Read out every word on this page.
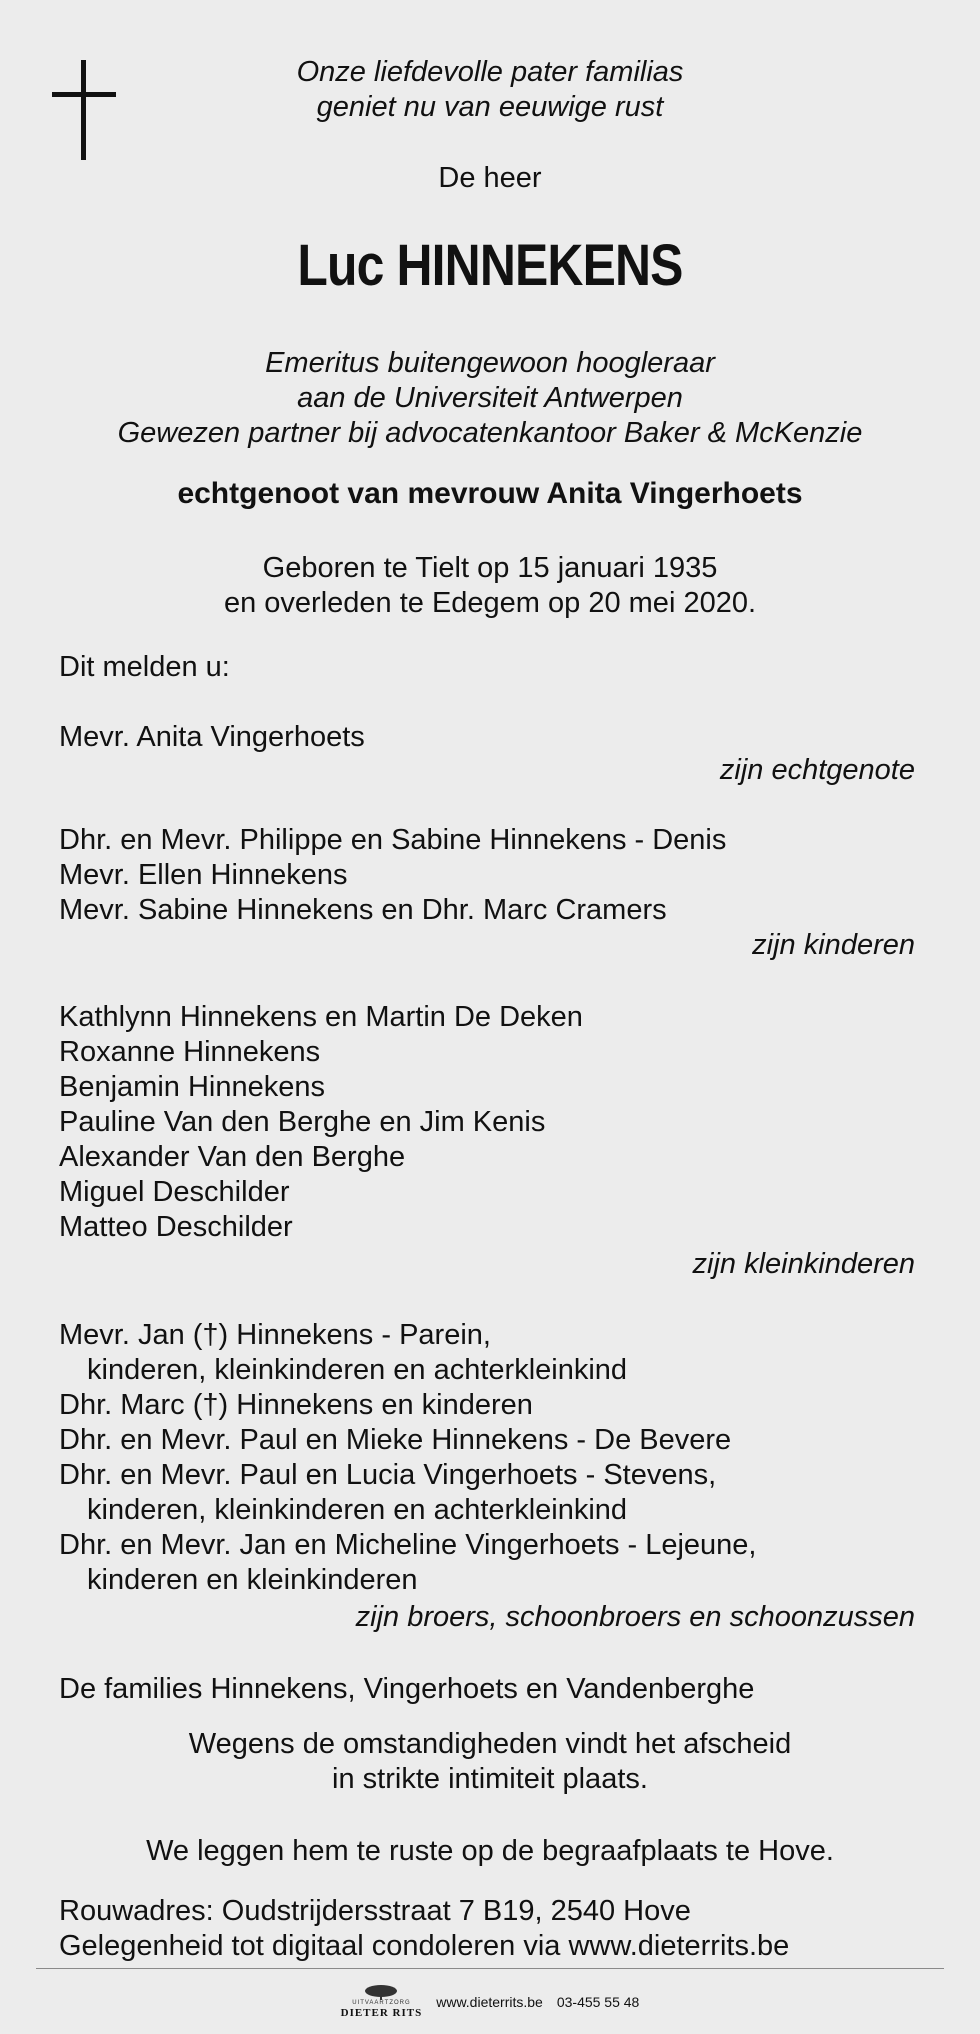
Onze liefdevolle pater familias
geniet nu van eeuwige rust
De heer
Luc HINNEKENS
Emeritus buitengewoon hoogleraar
aan de Universiteit Antwerpen
Gewezen partner bij advocatenkantoor Baker & McKenzie
echtgenoot van mevrouw Anita Vingerhoets
Geboren te Tielt op 15 januari 1935
en overleden te Edegem op 20 mei 2020.
Dit melden u:
Mevr. Anita Vingerhoets
zijn echtgenote
Dhr. en Mevr. Philippe en Sabine Hinnekens - Denis
Mevr. Ellen Hinnekens
Mevr. Sabine Hinnekens en Dhr. Marc Cramers
zijn kinderen
Kathlynn Hinnekens en Martin De Deken
Roxanne Hinnekens
Benjamin Hinnekens
Pauline Van den Berghe en Jim Kenis
Alexander Van den Berghe
Miguel Deschilder
Matteo Deschilder
zijn kleinkinderen
Mevr. Jan (†) Hinnekens - Parein,
kinderen, kleinkinderen en achterkleinkind
Dhr. Marc (†) Hinnekens en kinderen
Dhr. en Mevr. Paul en Mieke Hinnekens - De Bevere
Dhr. en Mevr. Paul en Lucia Vingerhoets - Stevens,
kinderen, kleinkinderen en achterkleinkind
Dhr. en Mevr. Jan en Micheline Vingerhoets - Lejeune,
kinderen en kleinkinderen
zijn broers, schoonbroers en schoonzussen
De families Hinnekens, Vingerhoets en Vandenberghe
Wegens de omstandigheden vindt het afscheid
in strikte intimiteit plaats.
We leggen hem te ruste op de begraafplaats te Hove.
Rouwadres: Oudstrijdersstraat 7 B19, 2540 Hove
Gelegenheid tot digitaal condoleren via www.dieterrits.be
UITVAARTZORG
DIETER RITS
www.dieterrits.be 03-455 55 48
